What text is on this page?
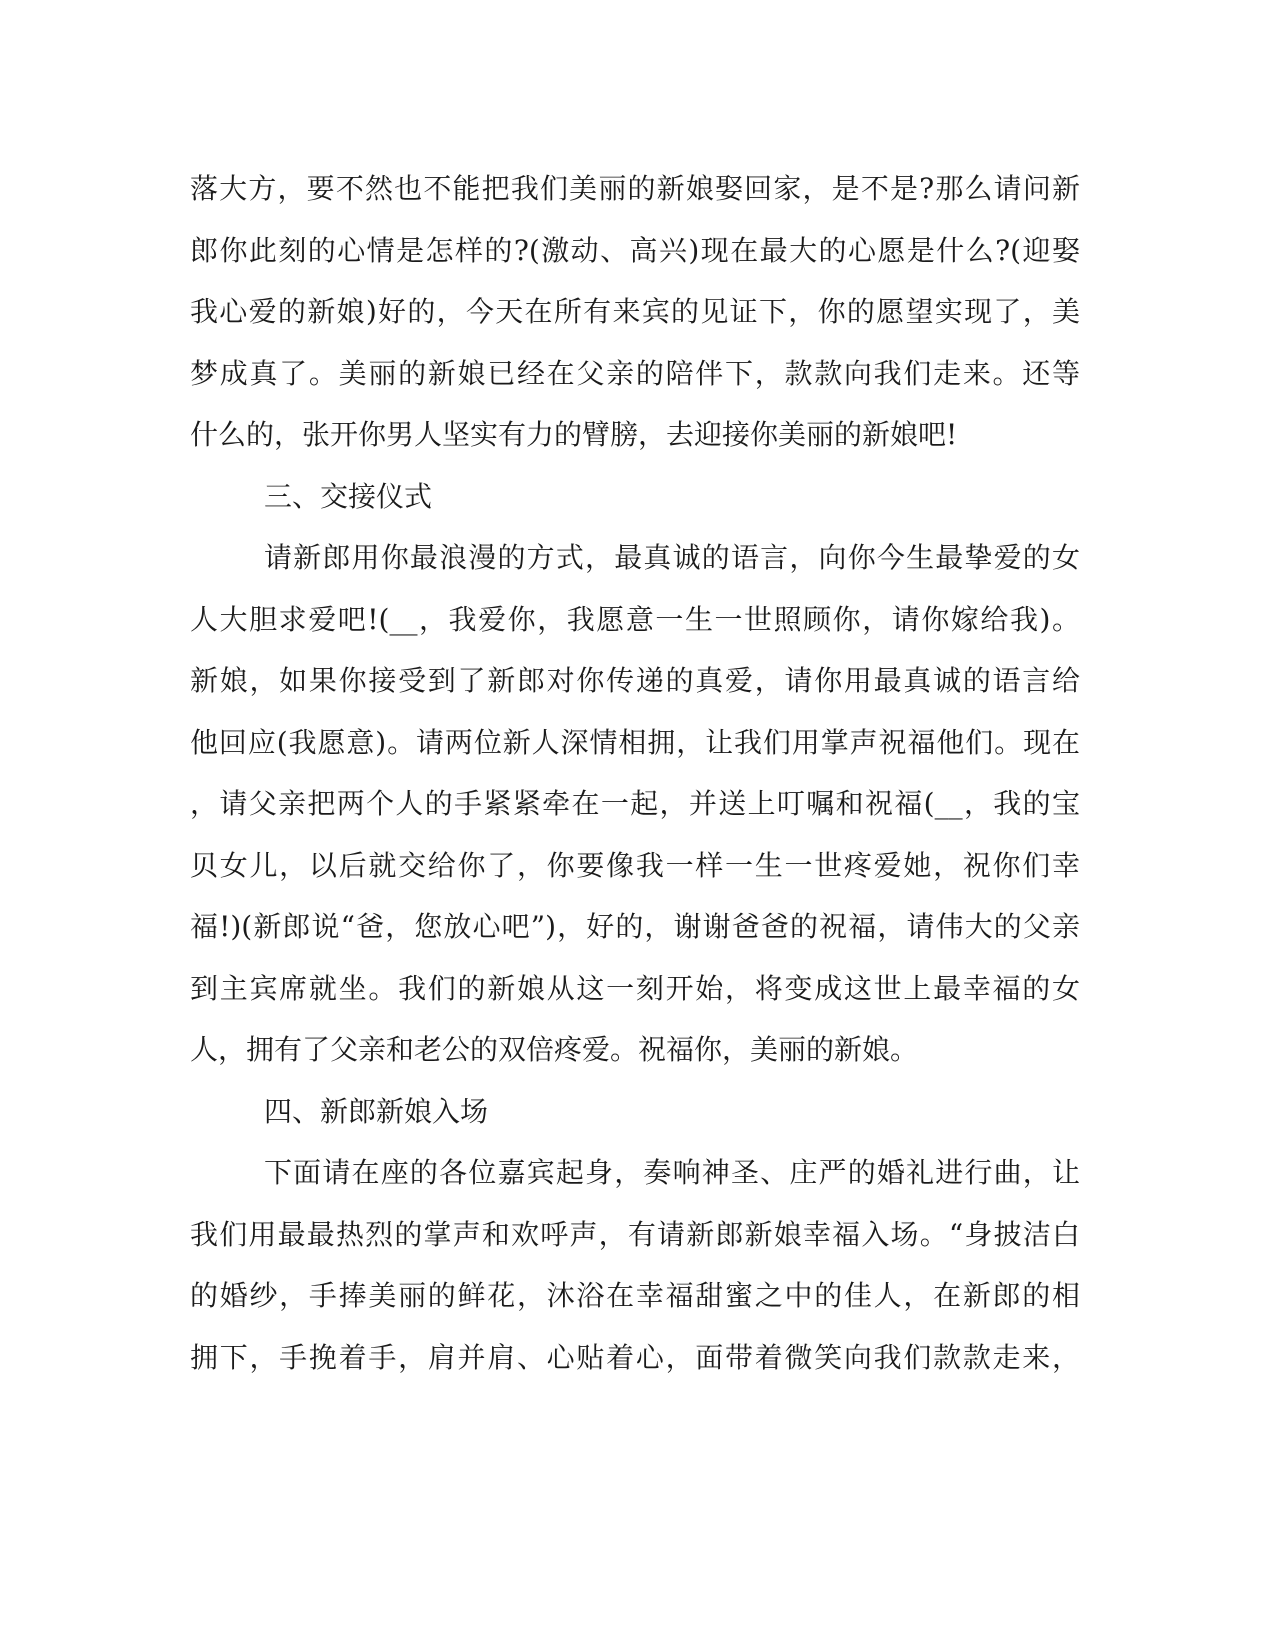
落大方，要不然也不能把我们美丽的新娘娶回家，是不是?那么请问新
郎你此刻的心情是怎样的?(激动、高兴)现在最大的心愿是什么?(迎娶
我心爱的新娘)好的，今天在所有来宾的见证下，你的愿望实现了，美
梦成真了。美丽的新娘已经在父亲的陪伴下，款款向我们走来。还等
什么的，张开你男人坚实有力的臂膀，去迎接你美丽的新娘吧!
三、交接仪式
请新郎用你最浪漫的方式，最真诚的语言，向你今生最挚爱的女
人大胆求爱吧!(__，我爱你，我愿意一生一世照顾你，请你嫁给我)。
新娘，如果你接受到了新郎对你传递的真爱，请你用最真诚的语言给
他回应(我愿意)。请两位新人深情相拥，让我们用掌声祝福他们。现在
，请父亲把两个人的手紧紧牵在一起，并送上叮嘱和祝福(__，我的宝
贝女儿，以后就交给你了，你要像我一样一生一世疼爱她，祝你们幸
福!)(新郎说“爸，您放心吧”)，好的，谢谢爸爸的祝福，请伟大的父亲
到主宾席就坐。我们的新娘从这一刻开始，将变成这世上最幸福的女
人，拥有了父亲和老公的双倍疼爱。祝福你，美丽的新娘。
四、新郎新娘入场
下面请在座的各位嘉宾起身，奏响神圣、庄严的婚礼进行曲，让
我们用最最热烈的掌声和欢呼声，有请新郎新娘幸福入场。“身披洁白
的婚纱，手捧美丽的鲜花，沐浴在幸福甜蜜之中的佳人，在新郎的相
拥下，手挽着手，肩并肩、心贴着心，面带着微笑向我们款款走来，
